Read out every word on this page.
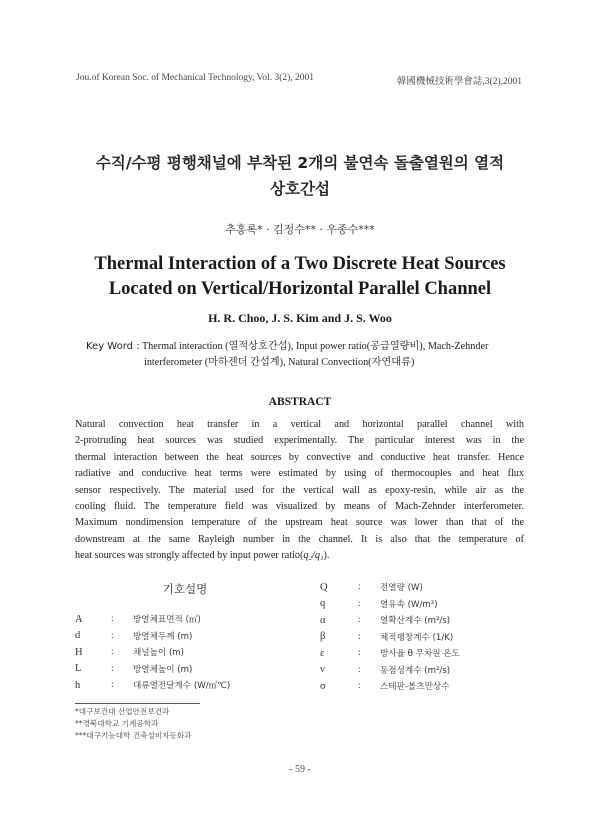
Jou.of Korean Soc. of Mechanical Technology, Vol. 3(2), 2001	韓國機械技術學會誌,3(2),2001
수직/수평 평행채널에 부착된 2개의 불연속 돌출열원의 열적
상호간섭
추홍록* · 김정수** · 우종수***
Thermal Interaction of a Two Discrete Heat Sources
Located on Vertical/Horizontal Parallel Channel
H. R. Choo, J. S. Kim and J. S. Woo
Key Word : Thermal interaction (열적상호간섭), Input power ratio(공급열량비), Mach-Zehnder
interferometer (마하젠더 간섭계), Natural Convection(자연대류)
ABSTRACT
Natural convection heat transfer in a vertical and horizontal parallel channel with
2-protruding heat sources was studied experimentally. The particular interest was in the
thermal interaction between the heat sources by convective and conductive heat transfer. Hence
radiative and conductive heat terms were estimated by using of thermocouples and heat flux
sensor respectively. The material used for the vertical wall as epoxy-resin, while air as the
cooling fluid. The temperature field was visualized by means of Mach-Zehnder interferometer.
Maximum nondimension temperature of the upstream heat source was lower than that of the
downstream at the same Rayleigh number in the channel. It is also that the temperature of
heat sources was strongly affected by input power ratio(q₂/q₁).
기호설명
A	:	방열체표면적 (㎡)
d	:	방열체두께 (m)
H	:	채널높이 (m)
L	:	방열체높이 (m)
h	:	대류열전달계수 (W/㎡℃)
Q	:	전열량 (W)
q	:	열유속 (W/m²)
α	:	열확산계수 (m²/s)
β	:	체적팽창계수 (1/K)
ε	:	방사율 θ 무차원 온도
ν	:	동점성계수 (m²/s)
σ	:	스테판-볼츠만상수
*대구보건대 산업안전보건과
**경북대학교 기계공학과
***대구기능대학 건축설비자동화과
- 59 -
